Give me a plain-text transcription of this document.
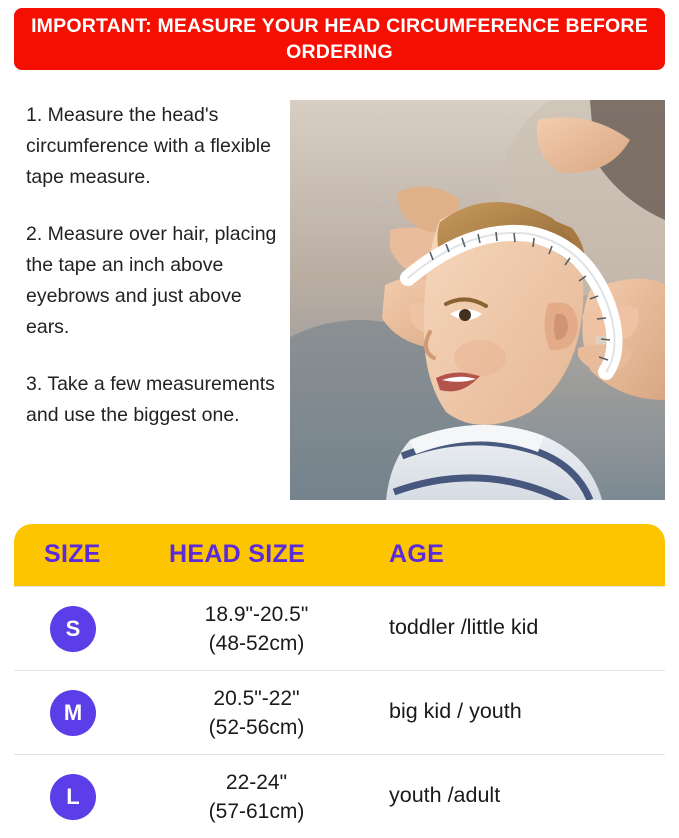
IMPORTANT: MEASURE YOUR HEAD CIRCUMFERENCE BEFORE ORDERING
1. Measure the head's circumference with a flexible tape measure.
2. Measure over hair, placing the tape an inch above eyebrows and just above ears.
3. Take a few measurements and use the biggest one.
SIZE	HEAD SIZE	AGE
S
18.9"-20.5"
(48-52cm)
toddler /little kid
M
20.5"-22"
(52-56cm)
big kid / youth
L
22-24"
(57-61cm)
youth /adult
